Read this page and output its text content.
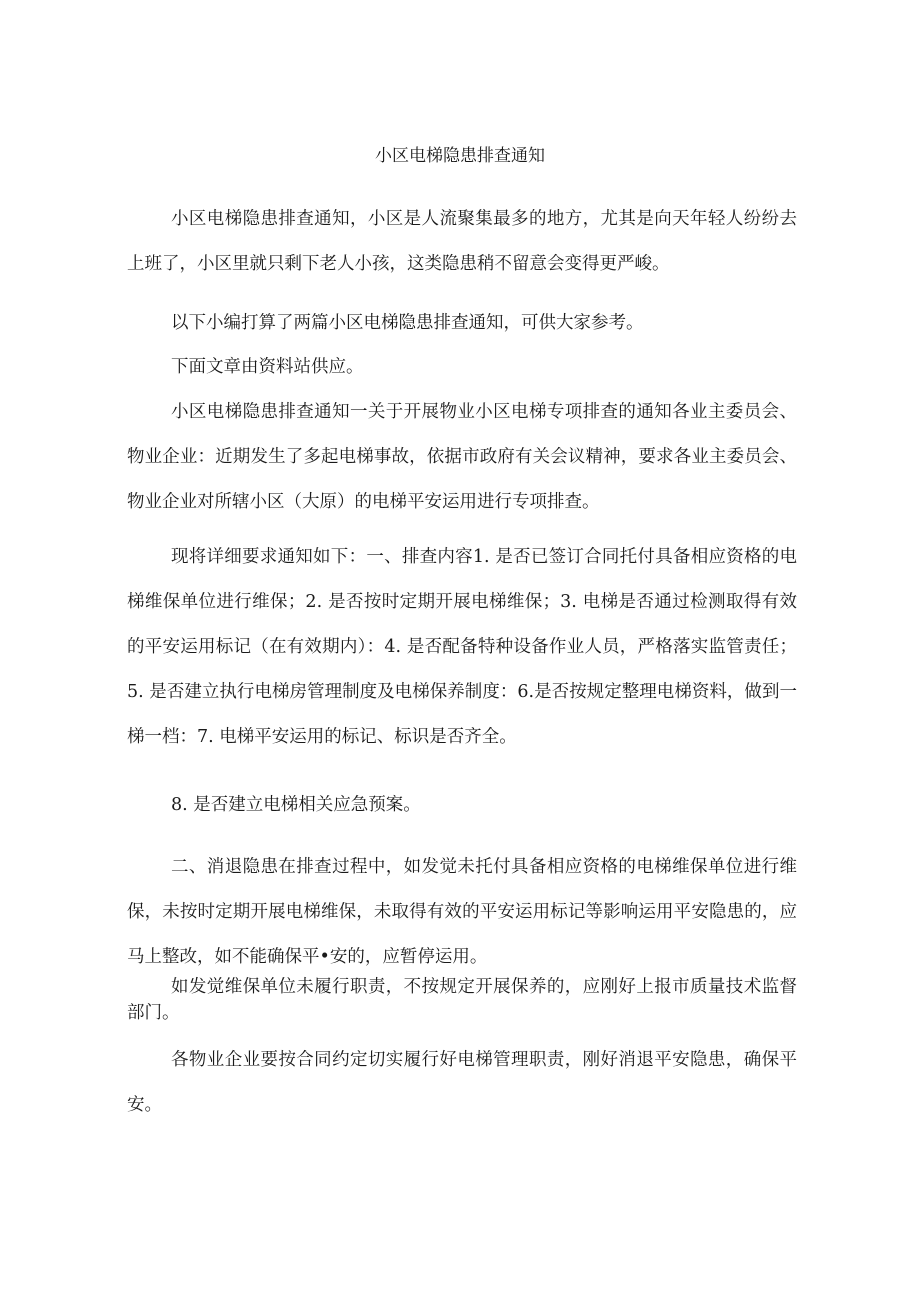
小区电梯隐患排查通知

小区电梯隐患排查通知，小区是人流聚集最多的地方，尤其是向天年轻人纷纷去上班了，小区里就只剩下老人小孩，这类隐患稍不留意会变得更严峻。

以下小编打算了两篇小区电梯隐患排查通知，可供大家参考。

下面文章由资料站供应。

小区电梯隐患排查通知一关于开展物业小区电梯专项排查的通知各业主委员会、物业企业：近期发生了多起电梯事故，依据市政府有关会议精神，要求各业主委员会、物业企业对所辖小区（大原）的电梯平安运用进行专项排查。

现将详细要求通知如下：一、排查内容1. 是否已签订合同托付具备相应资格的电梯维保单位进行维保；2. 是否按时定期开展电梯维保；3. 电梯是否通过检测取得有效的平安运用标记（在有效期内）：4. 是否配备特种设备作业人员，严格落实监管责任；5. 是否建立执行电梯房管理制度及电梯保养制度：6.是否按规定整理电梯资料，做到一梯一档：7. 电梯平安运用的标记、标识是否齐全。

8. 是否建立电梯相关应急预案。

二、消退隐患在排查过程中，如发觉未托付具备相应资格的电梯维保单位进行维保，未按时定期开展电梯维保，未取得有效的平安运用标记等影响运用平安隐患的，应马上整改，如不能确保平•安的，应暂停运用。

如发觉维保单位未履行职责，不按规定开展保养的，应刚好上报市质量技术监督部门。

各物业企业要按合同约定切实履行好电梯管理职责，刚好消退平安隐患，确保平安。
